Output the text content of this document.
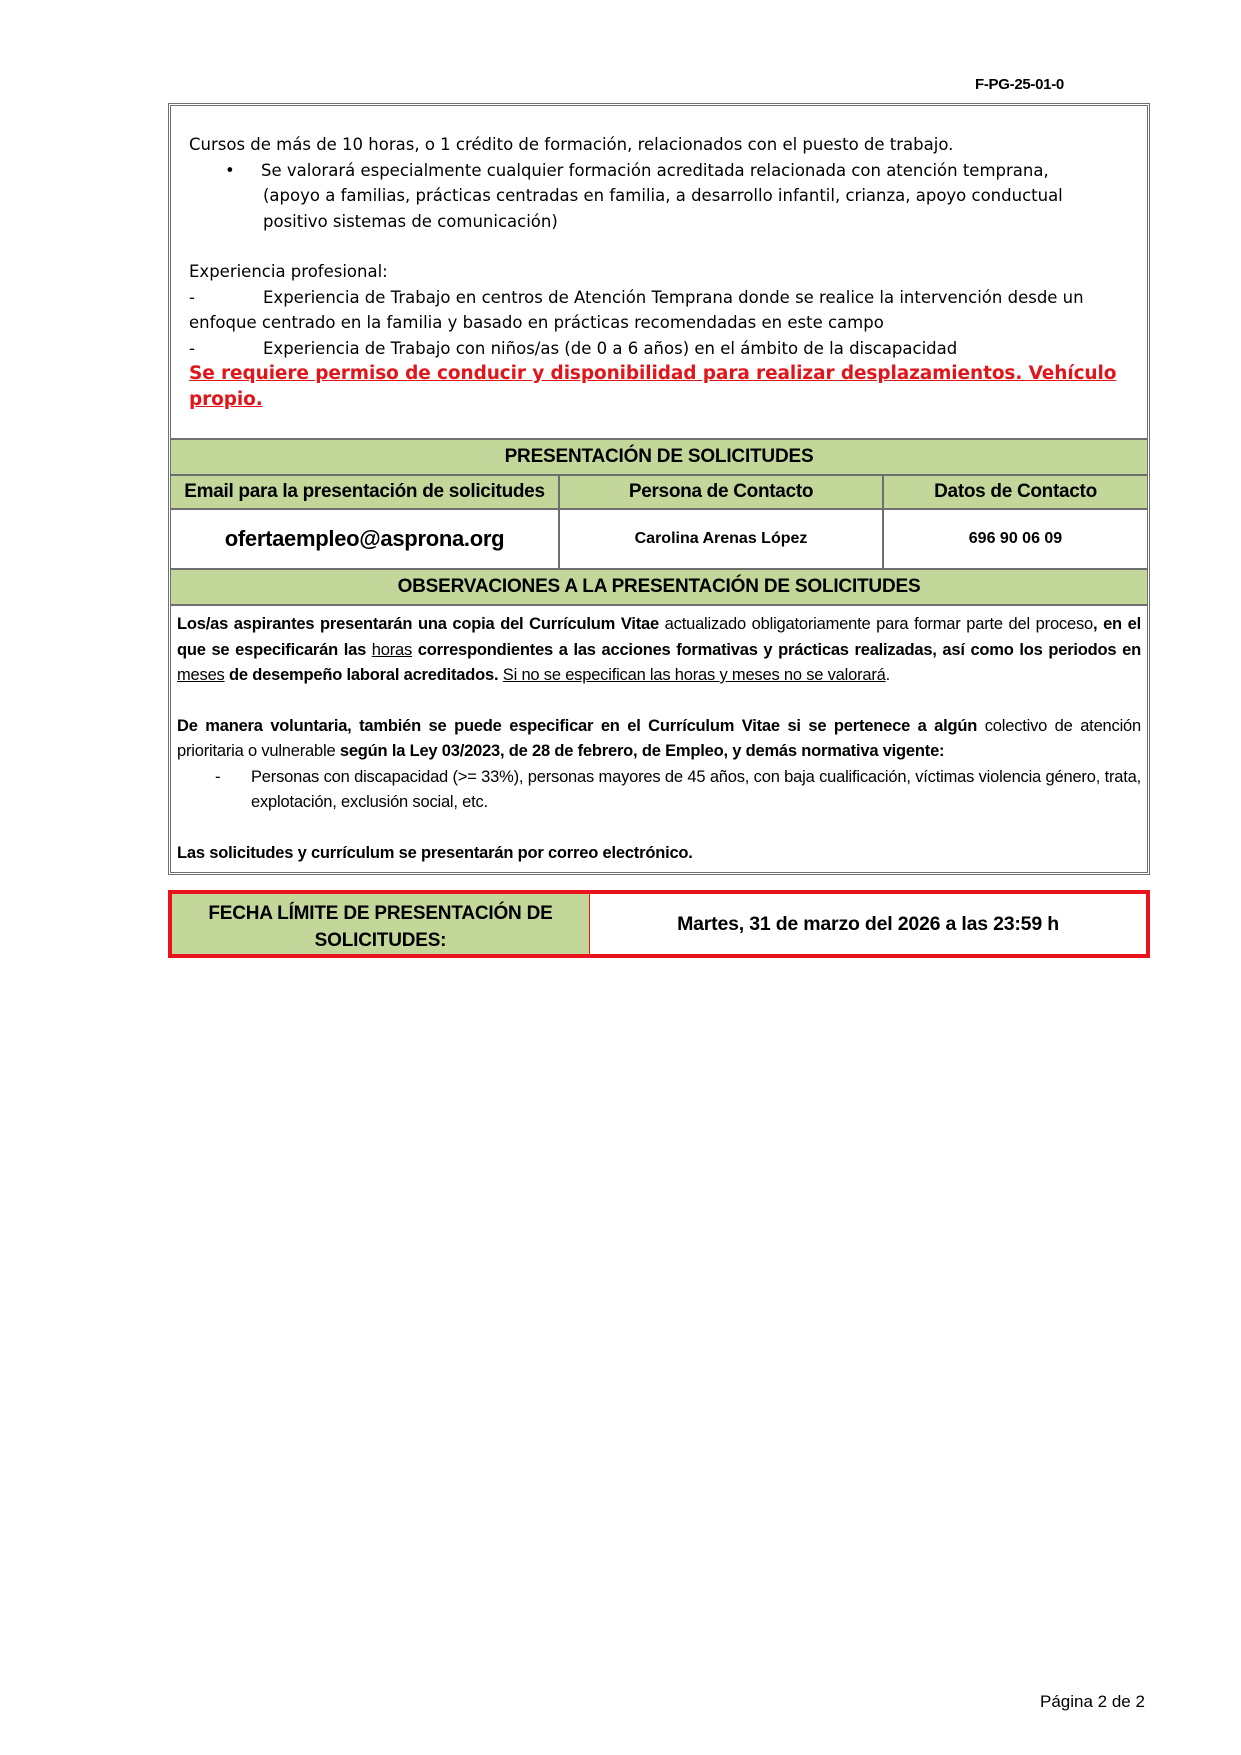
F-PG-25-01-0

Cursos de más de 10 horas, o 1 crédito de formación, relacionados con el puesto de trabajo.

•	Se valorará especialmente cualquier formación acreditada relacionada con atención temprana,

(apoyo a familias, prácticas centradas en familia, a desarrollo infantil, crianza, apoyo conductual

positivo sistemas de comunicación)

Experiencia profesional:

-	Experiencia de Trabajo en centros de Atención Temprana donde se realice la intervención desde un

enfoque centrado en la familia y basado en prácticas recomendadas en este campo

-	Experiencia de Trabajo con niños/as (de 0 a 6 años) en el ámbito de la discapacidad

Se requiere permiso de conducir y disponibilidad para realizar desplazamientos. Vehículo propio.

PRESENTACIÓN DE SOLICITUDES
Email para la presentación de solicitudes	Persona de Contacto	Datos de Contacto
ofertaempleo@asprona.org	Carolina Arenas López	696 90 06 09
OBSERVACIONES A LA PRESENTACIÓN DE SOLICITUDES

Los/as aspirantes presentarán una copia del Currículum Vitae actualizado obligatoriamente para formar parte del proceso, en el que se especificarán las horas correspondientes a las acciones formativas y prácticas realizadas, así como los periodos en meses de desempeño laboral acreditados. Si no se especifican las horas y meses no se valorará.

De manera voluntaria, también se puede especificar en el Currículum Vitae si se pertenece a algún colectivo de atención prioritaria o vulnerable según la Ley 03/2023, de 28 de febrero, de Empleo, y demás normativa vigente:

-	Personas con discapacidad (>= 33%), personas mayores de 45 años, con baja cualificación, víctimas violencia género, trata, explotación, exclusión social, etc.

Las solicitudes y currículum se presentarán por correo electrónico.

FECHA LÍMITE DE PRESENTACIÓN DE SOLICITUDES:
Martes, 31 de marzo del 2026 a las 23:59 h
Página 2 de 2
